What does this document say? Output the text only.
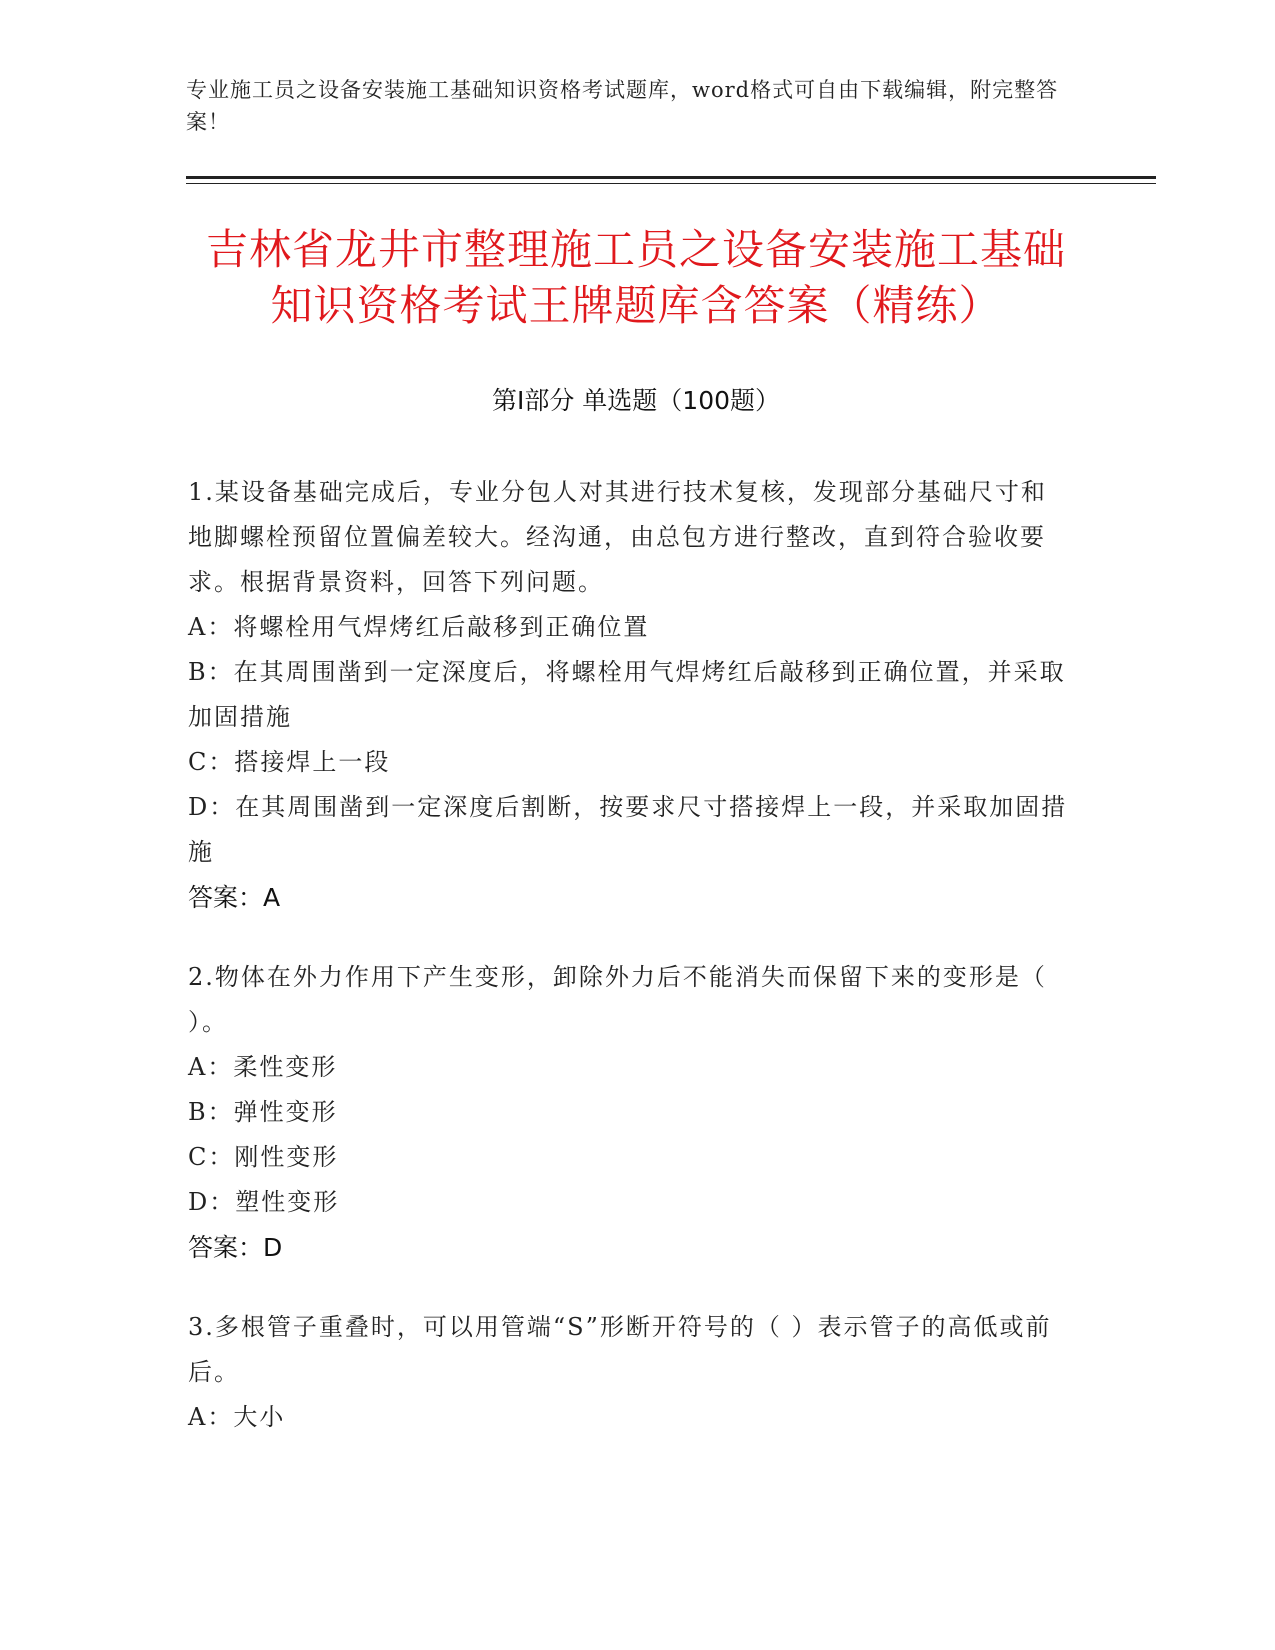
专业施工员之设备安装施工基础知识资格考试题库，word格式可自由下载编辑，附完整答案！
吉林省龙井市整理施工员之设备安装施工基础知识资格考试王牌题库含答案（精练）
第Ⅰ部分 单选题（100题）
1.某设备基础完成后，专业分包人对其进行技术复核，发现部分基础尺寸和地脚螺栓预留位置偏差较大。经沟通，由总包方进行整改，直到符合验收要求。根据背景资料，回答下列问题。
A：将螺栓用气焊烤红后敲移到正确位置
B：在其周围凿到一定深度后，将螺栓用气焊烤红后敲移到正确位置，并采取加固措施
C：搭接焊上一段
D：在其周围凿到一定深度后割断，按要求尺寸搭接焊上一段，并采取加固措施
答案：A
2.物体在外力作用下产生变形，卸除外力后不能消失而保留下来的变形是（ ）。
A：柔性变形
B：弹性变形
C：刚性变形
D：塑性变形
答案：D
3.多根管子重叠时，可以用管端“S”形断开符号的（ ）表示管子的高低或前后。
A：大小
